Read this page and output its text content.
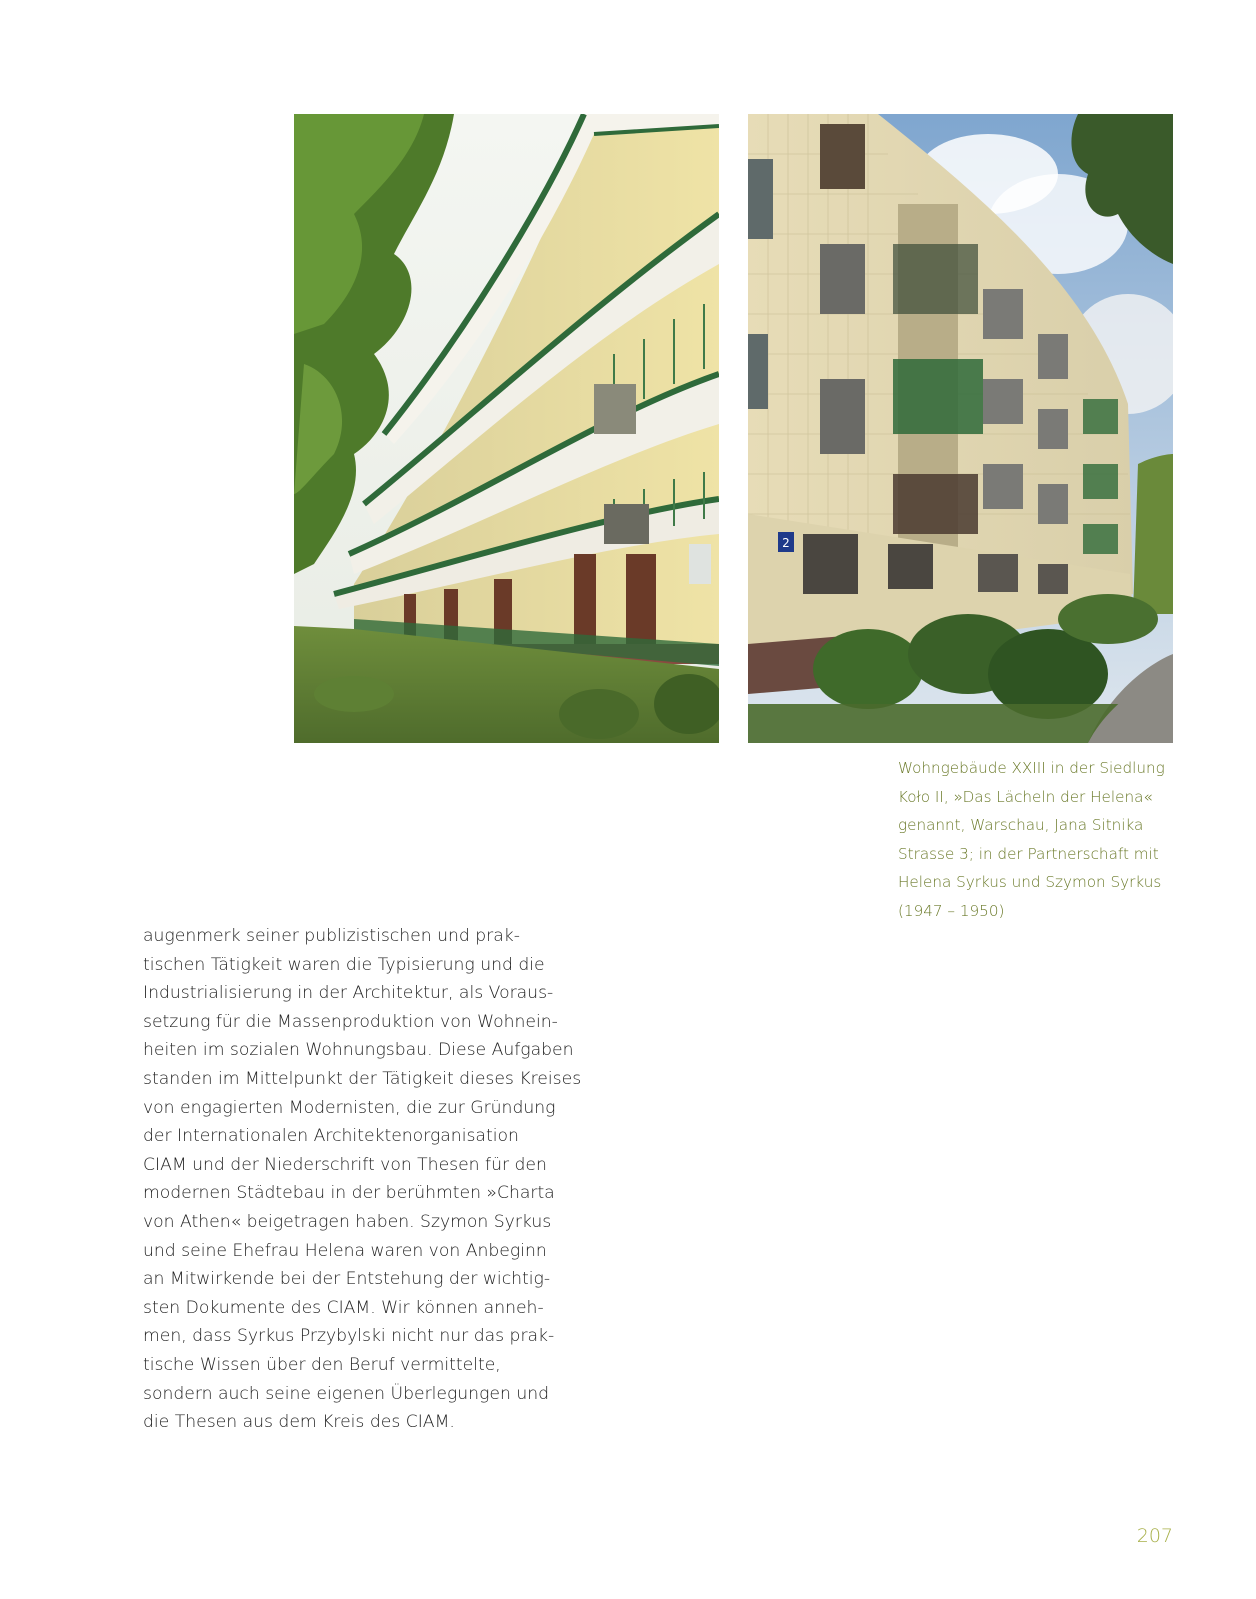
2
Wohngebäude XXIII in der Siedlung
Koło II, »Das Lächeln der Helena«
genannt, Warschau, Jana Sitnika
Strasse 3; in der Partnerschaft mit
Helena Syrkus und Szymon Syrkus
(1947 – 1950)
augenmerk seiner publizistischen und prak-
tischen Tätigkeit waren die Typisierung und die
Industrialisierung in der Architektur, als Voraus-
setzung für die Massenproduktion von Wohnein-
heiten im sozialen Wohnungsbau. Diese Aufgaben
standen im Mittelpunkt der Tätigkeit dieses Kreises
von engagierten Modernisten, die zur Gründung
der Internationalen Architektenorganisation
CIAM und der Niederschrift von Thesen für den
modernen Städtebau in der berühmten »Charta
von Athen« beigetragen haben. Szymon Syrkus
und seine Ehefrau Helena waren von Anbeginn
an Mitwirkende bei der Entstehung der wichtig-
sten Dokumente des CIAM. Wir können anneh-
men, dass Syrkus Przybylski nicht nur das prak-
tische Wissen über den Beruf vermittelte,
sondern auch seine eigenen Überlegungen und
die Thesen aus dem Kreis des CIAM.
207
